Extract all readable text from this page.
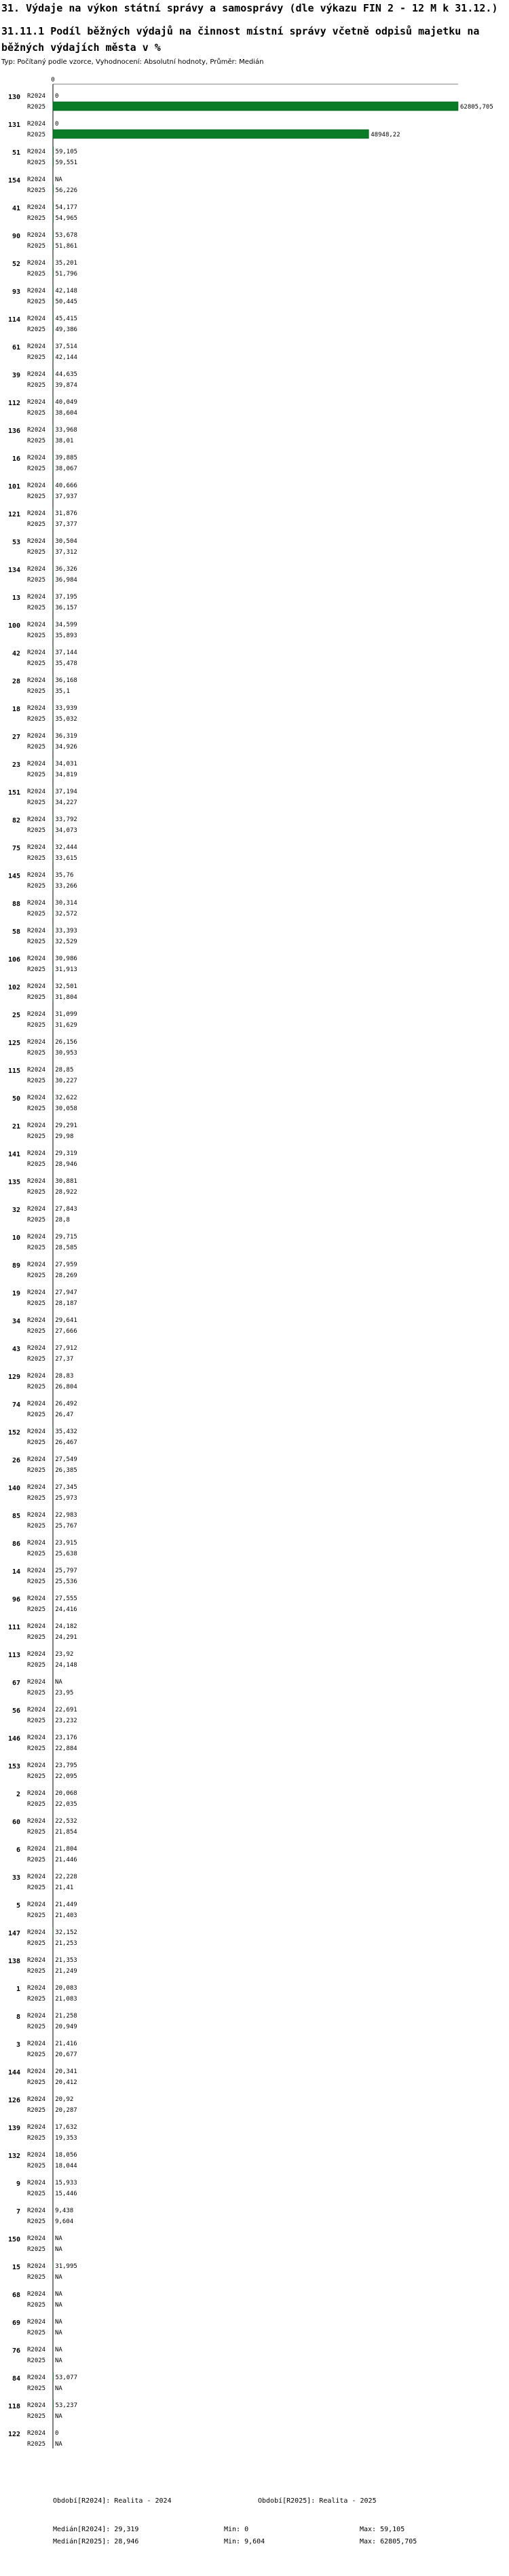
31. Výdaje na výkon státní správy a samosprávy (dle výkazu FIN 2 - 12 M k 31.12.)
31.11.1 Podíl běžných výdajů na činnost místní správy včetně odpisů majetku na běžných výdajích města v %
Typ: Počítaný podle vzorce, Vyhodnocení: Absolutní hodnoty, Průměr: Medián
0
130 R2024 0
R2025	62805,705
131 R2024 0
R2025	48948,22
51 R2024 59,105
R2025 59,551
154 R2024 NA
R2025 56,226
41 R2024 54,177
R2025 54,965
90 R2024 53,678
R2025 51,861
52 R2024 35,201
R2025 51,796
93 R2024 42,148
R2025 50,445
114 R2024 45,415
R2025 49,386
61 R2024 37,514
R2025 42,144
39 R2024 44,635
R2025 39,874
112 R2024 40,049
R2025 38,604
136 R2024 33,968
R2025 38,01
16 R2024 39,885
R2025 38,067
101 R2024 40,666
R2025 37,937
121 R2024 31,876
R2025 37,377
53 R2024 30,504
R2025 37,312
134 R2024 36,326
R2025 36,984
13 R2024 37,195
R2025 36,157
100 R2024 34,599
R2025 35,893
42 R2024 37,144
R2025 35,478
28 R2024 36,168
R2025 35,1
18 R2024 33,939
R2025 35,032
27 R2024 36,319
R2025 34,926
23 R2024 34,031
R2025 34,819
151 R2024 37,194
R2025 34,227
82 R2024 33,792
R2025 34,073
75 R2024 32,444
R2025 33,615
145 R2024 35,76
R2025 33,266
88 R2024 30,314
R2025 32,572
58 R2024 33,393
R2025 32,529
106 R2024 30,986
R2025 31,913
102 R2024 32,501
R2025 31,804
25 R2024 31,099
R2025 31,629
125 R2024 26,156
R2025 30,953
115 R2024 28,85
R2025 30,227
50 R2024 32,622
R2025 30,058
21 R2024 29,291
R2025 29,98
141 R2024 29,319
R2025 28,946
135 R2024 30,881
R2025 28,922
32 R2024 27,843
R2025 28,8
10 R2024 29,715
R2025 28,585
89 R2024 27,959
R2025 28,269
19 R2024 27,947
R2025 28,187
34 R2024 29,641
R2025 27,666
43 R2024 27,912
R2025 27,37
129 R2024 28,83
R2025 26,804
74 R2024 26,492
R2025 26,47
152 R2024 35,432
R2025 26,467
26 R2024 27,549
R2025 26,385
140 R2024 27,345
R2025 25,973
85 R2024 22,983
R2025 25,767
86 R2024 23,915
R2025 25,638
14 R2024 25,797
R2025 25,536
96 R2024 27,555
R2025 24,416
111 R2024 24,182
R2025 24,291
113 R2024 23,92
R2025 24,148
67 R2024 NA
R2025 23,95
56 R2024 22,691
R2025 23,232
146 R2024 23,176
R2025 22,884
153 R2024 23,795
R2025 22,095
2 R2024 20,068
R2025 22,035
60 R2024 22,532
R2025 21,854
6 R2024 21,804
R2025 21,446
33 R2024 22,228
R2025 21,41
5 R2024 21,449
R2025 21,403
147 R2024 32,152
R2025 21,253
138 R2024 21,353
R2025 21,249
1 R2024 20,083
R2025 21,083
8 R2024 21,258
R2025 20,949
3 R2024 21,416
R2025 20,677
144 R2024 20,341
R2025 20,412
126 R2024 20,92
R2025 20,287
139 R2024 17,632
R2025 19,353
132 R2024 18,056
R2025 18,044
9 R2024 15,933
R2025 15,446
7 R2024 9,438
R2025 9,604
150 R2024 NA
R2025 NA
15 R2024 31,995
R2025 NA
68 R2024 NA
R2025 NA
69 R2024 NA
R2025 NA
76 R2024 NA
R2025 NA
84 R2024 53,077
R2025 NA
118 R2024 53,237
R2025 NA
122 R2024 0
R2025 NA
Období[R2024]: Realita - 2024	Období[R2025]: Realita - 2025
Medián[R2024]: 29,319	Min: 0	Max: 59,105
Medián[R2025]: 28,946	Min: 9,604	Max: 62805,705
